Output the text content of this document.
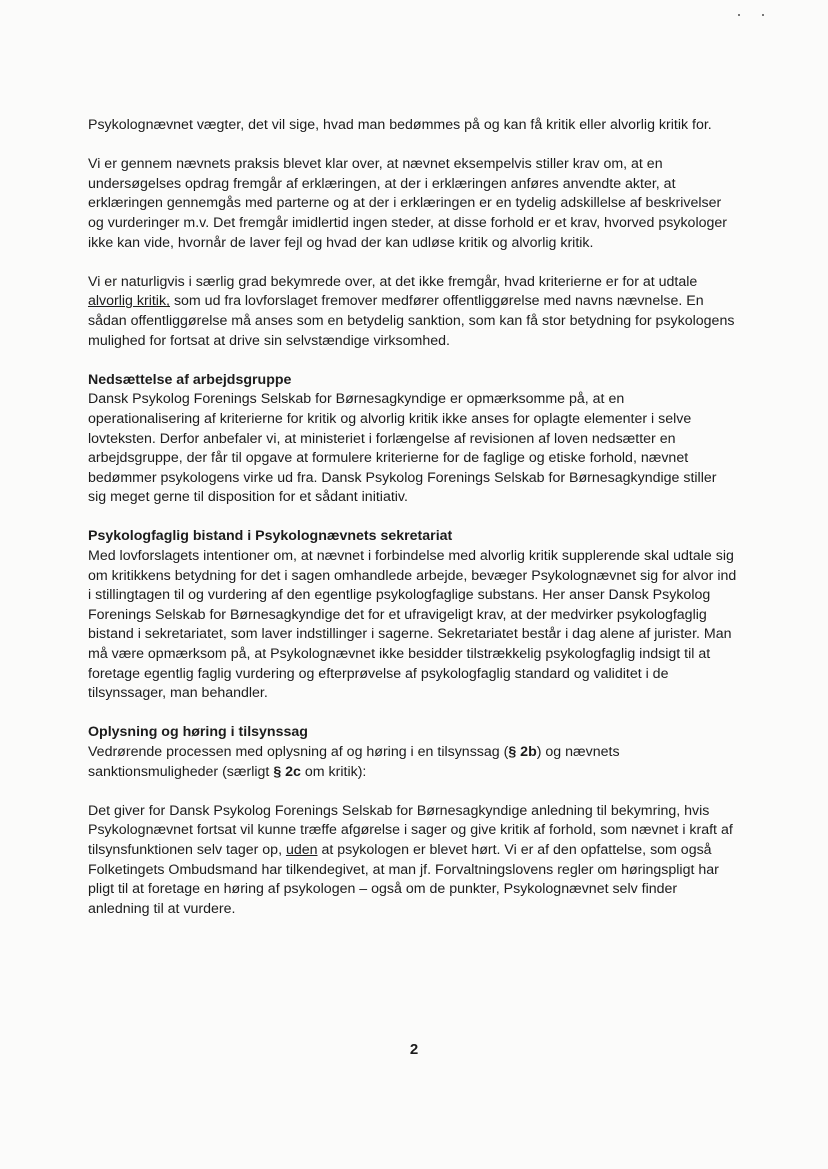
Psykolognævnet vægter, det vil sige, hvad man bedømmes på og kan få kritik eller alvorlig kritik for.

Vi er gennem nævnets praksis blevet klar over, at nævnet eksempelvis stiller krav om, at en undersøgelses opdrag fremgår af erklæringen, at der i erklæringen anføres anvendte akter, at erklæringen gennemgås med parterne og at der i erklæringen er en tydelig adskillelse af beskrivelser og vurderinger m.v. Det fremgår imidlertid ingen steder, at disse forhold er et krav, hvorved psykologer ikke kan vide, hvornår de laver fejl og hvad der kan udløse kritik og alvorlig kritik.

Vi er naturligvis i særlig grad bekymrede over, at det ikke fremgår, hvad kriterierne er for at udtale alvorlig kritik, som ud fra lovforslaget fremover medfører offentliggørelse med navns nævnelse. En sådan offentliggørelse må anses som en betydelig sanktion, som kan få stor betydning for psykologens mulighed for fortsat at drive sin selvstændige virksomhed.

Nedsættelse af arbejdsgruppe

Dansk Psykolog Forenings Selskab for Børnesagkyndige er opmærksomme på, at en operationalisering af kriterierne for kritik og alvorlig kritik ikke anses for oplagte elementer i selve lovteksten. Derfor anbefaler vi, at ministeriet i forlængelse af revisionen af loven nedsætter en arbejdsgruppe, der får til opgave at formulere kriterierne for de faglige og etiske forhold, nævnet bedømmer psykologens virke ud fra. Dansk Psykolog Forenings Selskab for Børnesagkyndige stiller sig meget gerne til disposition for et sådant initiativ.

Psykologfaglig bistand i Psykolognævnets sekretariat

Med lovforslagets intentioner om, at nævnet i forbindelse med alvorlig kritik supplerende skal udtale sig om kritikkens betydning for det i sagen omhandlede arbejde, bevæger Psykolognævnet sig for alvor ind i stillingtagen til og vurdering af den egentlige psykologfaglige substans. Her anser Dansk Psykolog Forenings Selskab for Børnesagkyndige det for et ufravigeligt krav, at der medvirker psykologfaglig bistand i sekretariatet, som laver indstillinger i sagerne. Sekretariatet består i dag alene af jurister. Man må være opmærksom på, at Psykolognævnet ikke besidder tilstrækkelig psykologfaglig indsigt til at foretage egentlig faglig vurdering og efterprøvelse af psykologfaglig standard og validitet i de tilsynssager, man behandler.

Oplysning og høring i tilsynssag

Vedrørende processen med oplysning af og høring i en tilsynssag (§ 2b) og nævnets sanktionsmuligheder (særligt § 2c om kritik):

Det giver for Dansk Psykolog Forenings Selskab for Børnesagkyndige anledning til bekymring, hvis Psykolognævnet fortsat vil kunne træffe afgørelse i sager og give kritik af forhold, som nævnet i kraft af tilsynsfunktionen selv tager op, uden at psykologen er blevet hørt. Vi er af den opfattelse, som også Folketingets Ombudsmand har tilkendegivet, at man jf. Forvaltningslovens regler om høringspligt har pligt til at foretage en høring af psykologen – også om de punkter, Psykolognævnet selv finder anledning til at vurdere.

2
